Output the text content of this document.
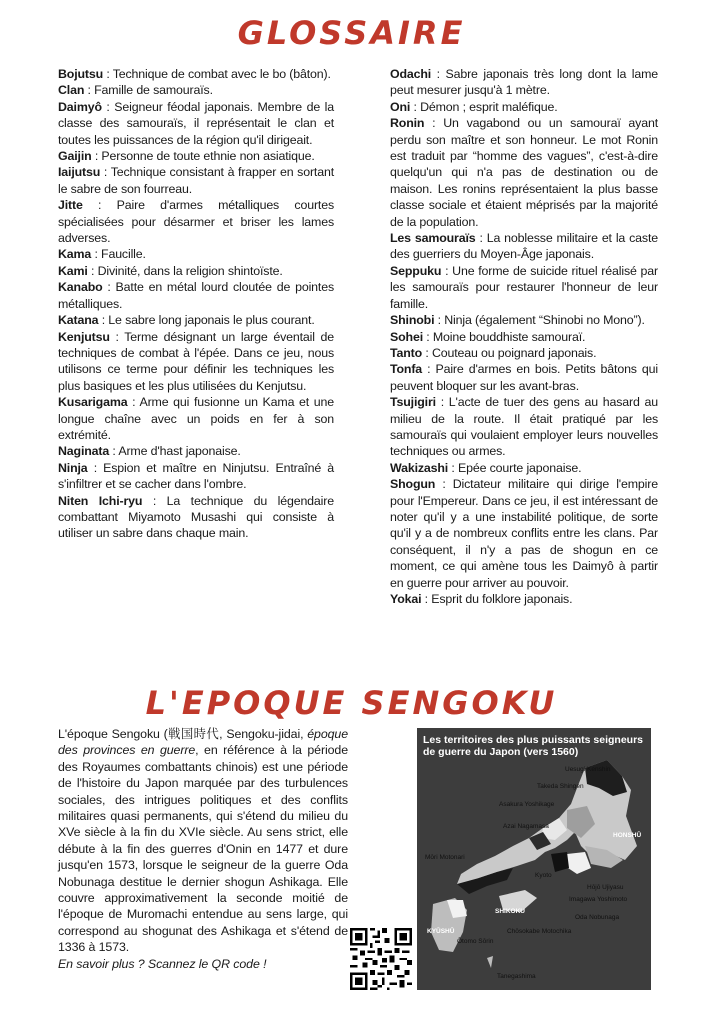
GLOSSAIRE

Bojutsu : Technique de combat avec le bo (bâton).

Clan : Famille de samouraïs.

Daimyô : Seigneur féodal japonais. Membre de la classe des samouraïs, il représentait le clan et toutes les puissances de la région qu'il dirigeait.

Gaijin : Personne de toute ethnie non asiatique.

Iaijutsu : Technique consistant à frapper en sortant le sabre de son fourreau.

Jitte : Paire d'armes métalliques courtes spécialisées pour désarmer et briser les lames adverses.

Kama : Faucille.

Kami : Divinité, dans la religion shintoïste.

Kanabo : Batte en métal lourd cloutée de pointes métalliques.

Katana : Le sabre long japonais le plus courant.

Kenjutsu : Terme désignant un large éventail de techniques de combat à l'épée. Dans ce jeu, nous utilisons ce terme pour définir les techniques les plus basiques et les plus utilisées du Kenjutsu.

Kusarigama : Arme qui fusionne un Kama et une longue chaîne avec un poids en fer à son extrémité.

Naginata : Arme d'hast japonaise.

Ninja : Espion et maître en Ninjutsu. Entraîné à s'infiltrer et se cacher dans l'ombre.

Niten Ichi-ryu : La technique du légendaire combattant Miyamoto Musashi qui consiste à utiliser un sabre dans chaque main.

Odachi : Sabre japonais très long dont la lame peut mesurer jusqu'à 1 mètre.

Oni : Démon ; esprit maléfique.

Ronin : Un vagabond ou un samouraï ayant perdu son maître et son honneur. Le mot Ronin est traduit par “homme des vagues”, c'est-à-dire quelqu'un qui n'a pas de destination ou de maison. Les ronins représentaient la plus basse classe sociale et étaient méprisés par la majorité de la population.

Les samouraïs : La noblesse militaire et la caste des guerriers du Moyen-Âge japonais.

Seppuku : Une forme de suicide rituel réalisé par les samouraïs pour restaurer l'honneur de leur famille.

Shinobi : Ninja (également “Shinobi no Mono”).

Sohei : Moine bouddhiste samouraï.

Tanto : Couteau ou poignard japonais.

Tonfa : Paire d'armes en bois. Petits bâtons qui peuvent bloquer sur les avant-bras.

Tsujigiri : L'acte de tuer des gens au hasard au milieu de la route. Il était pratiqué par les samouraïs qui voulaient employer leurs nouvelles techniques ou armes.

Wakizashi : Epée courte japonaise.

Shogun : Dictateur militaire qui dirige l'empire pour l'Empereur. Dans ce jeu, il est intéressant de noter qu'il y a une instabilité politique, de sorte qu'il y a de nombreux conflits entre les clans. Par conséquent, il n'y a pas de shogun en ce moment, ce qui amène tous les Daimyô à partir en guerre pour arriver au pouvoir.

Yokai : Esprit du folklore japonais.

L'EPOQUE SENGOKU
L'époque Sengoku (戦国時代, Sengoku-jidai, époque des provinces en guerre, en référence à la période des Royaumes combattants chinois) est une période de l'histoire du Japon marquée par des turbulences sociales, des intrigues politiques et des conflits militaires quasi permanents, qui s'étend du milieu du XVe siècle à la fin du XVIe siècle. Au sens strict, elle débute à la fin des guerres d'Onin en 1477 et dure jusqu'en 1573, lorsque le seigneur de la guerre Oda Nobunaga destitue le dernier shogun Ashikaga. Elle couvre approximativement la seconde moitié de l'époque de Muromachi entendue au sens large, qui correspond au shogunat des Ashikaga et s'étend de 1336 à 1573.
En savoir plus ? Scannez le QR code !
Les territoires des plus puissants seigneurs de guerre du Japon (vers 1560)
Uesugi Kenshin
Takeda Shingen
Asakura Yoshikage
Azai Nagamasa
Mōri Motonari
HONSHŪ
Kyoto
Hōjō Ujiyasu
Imagawa Yoshimoto
Oda Nobunaga
SHIKOKU
Chōsokabe Motochika
KYŪSHŪ
Ōtomo Sōrin
Tanegashima
